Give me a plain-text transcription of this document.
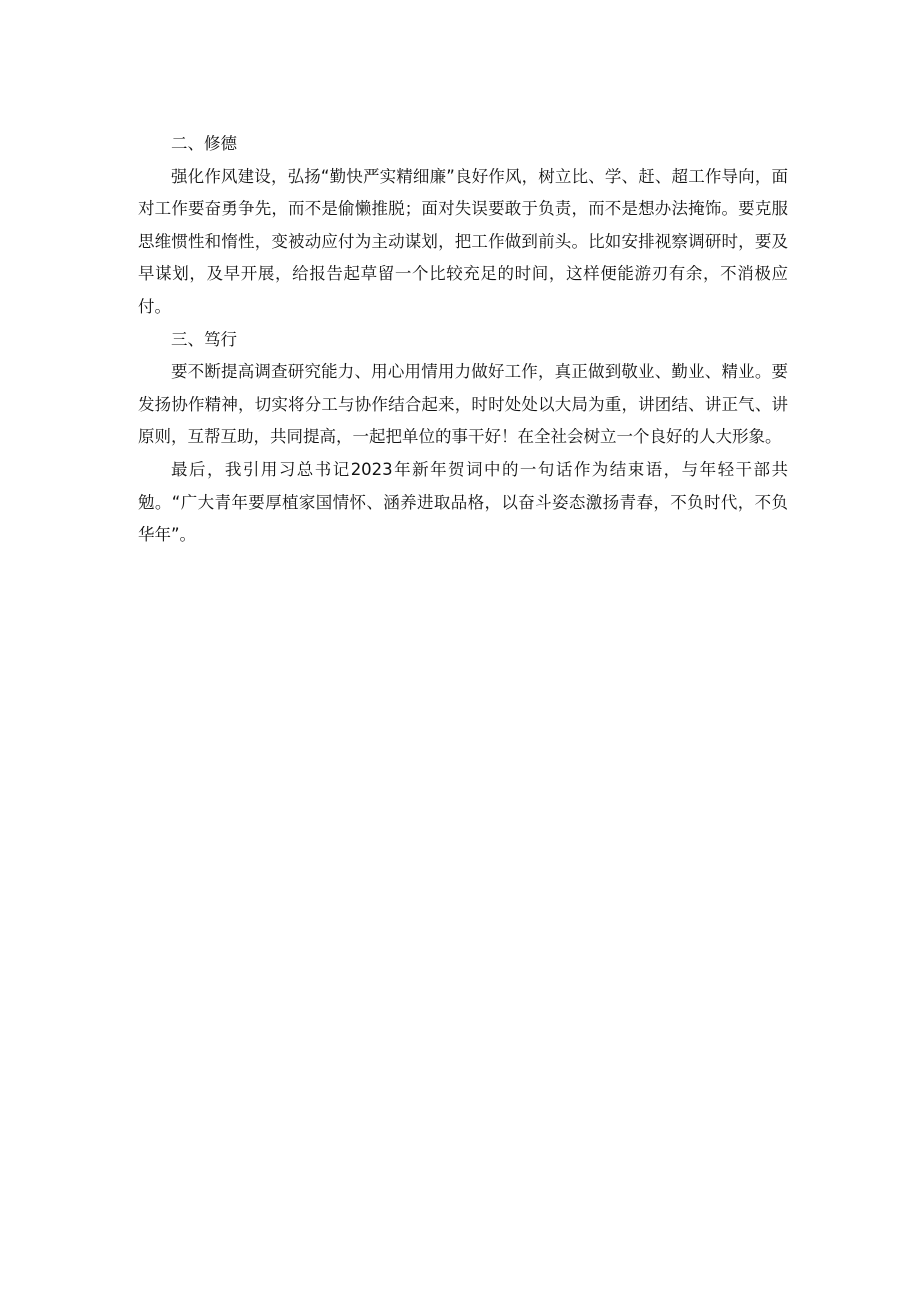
二、修德

强化作风建设，弘扬“勤快严实精细廉”良好作风，树立比、学、赶、超工作导向，面对工作要奋勇争先，而不是偷懒推脱；面对失误要敢于负责，而不是想办法掩饰。要克服思维惯性和惰性，变被动应付为主动谋划，把工作做到前头。比如安排视察调研时，要及早谋划，及早开展，给报告起草留一个比较充足的时间，这样便能游刃有余，不消极应付。

三、笃行

要不断提高调查研究能力、用心用情用力做好工作，真正做到敬业、勤业、精业。要发扬协作精神，切实将分工与协作结合起来，时时处处以大局为重，讲团结、讲正气、讲原则，互帮互助，共同提高，一起把单位的事干好！在全社会树立一个良好的人大形象。

最后，我引用习总书记2023年新年贺词中的一句话作为结束语，与年轻干部共勉。“广大青年要厚植家国情怀、涵养进取品格，以奋斗姿态激扬青春，不负时代，不负华年”。
